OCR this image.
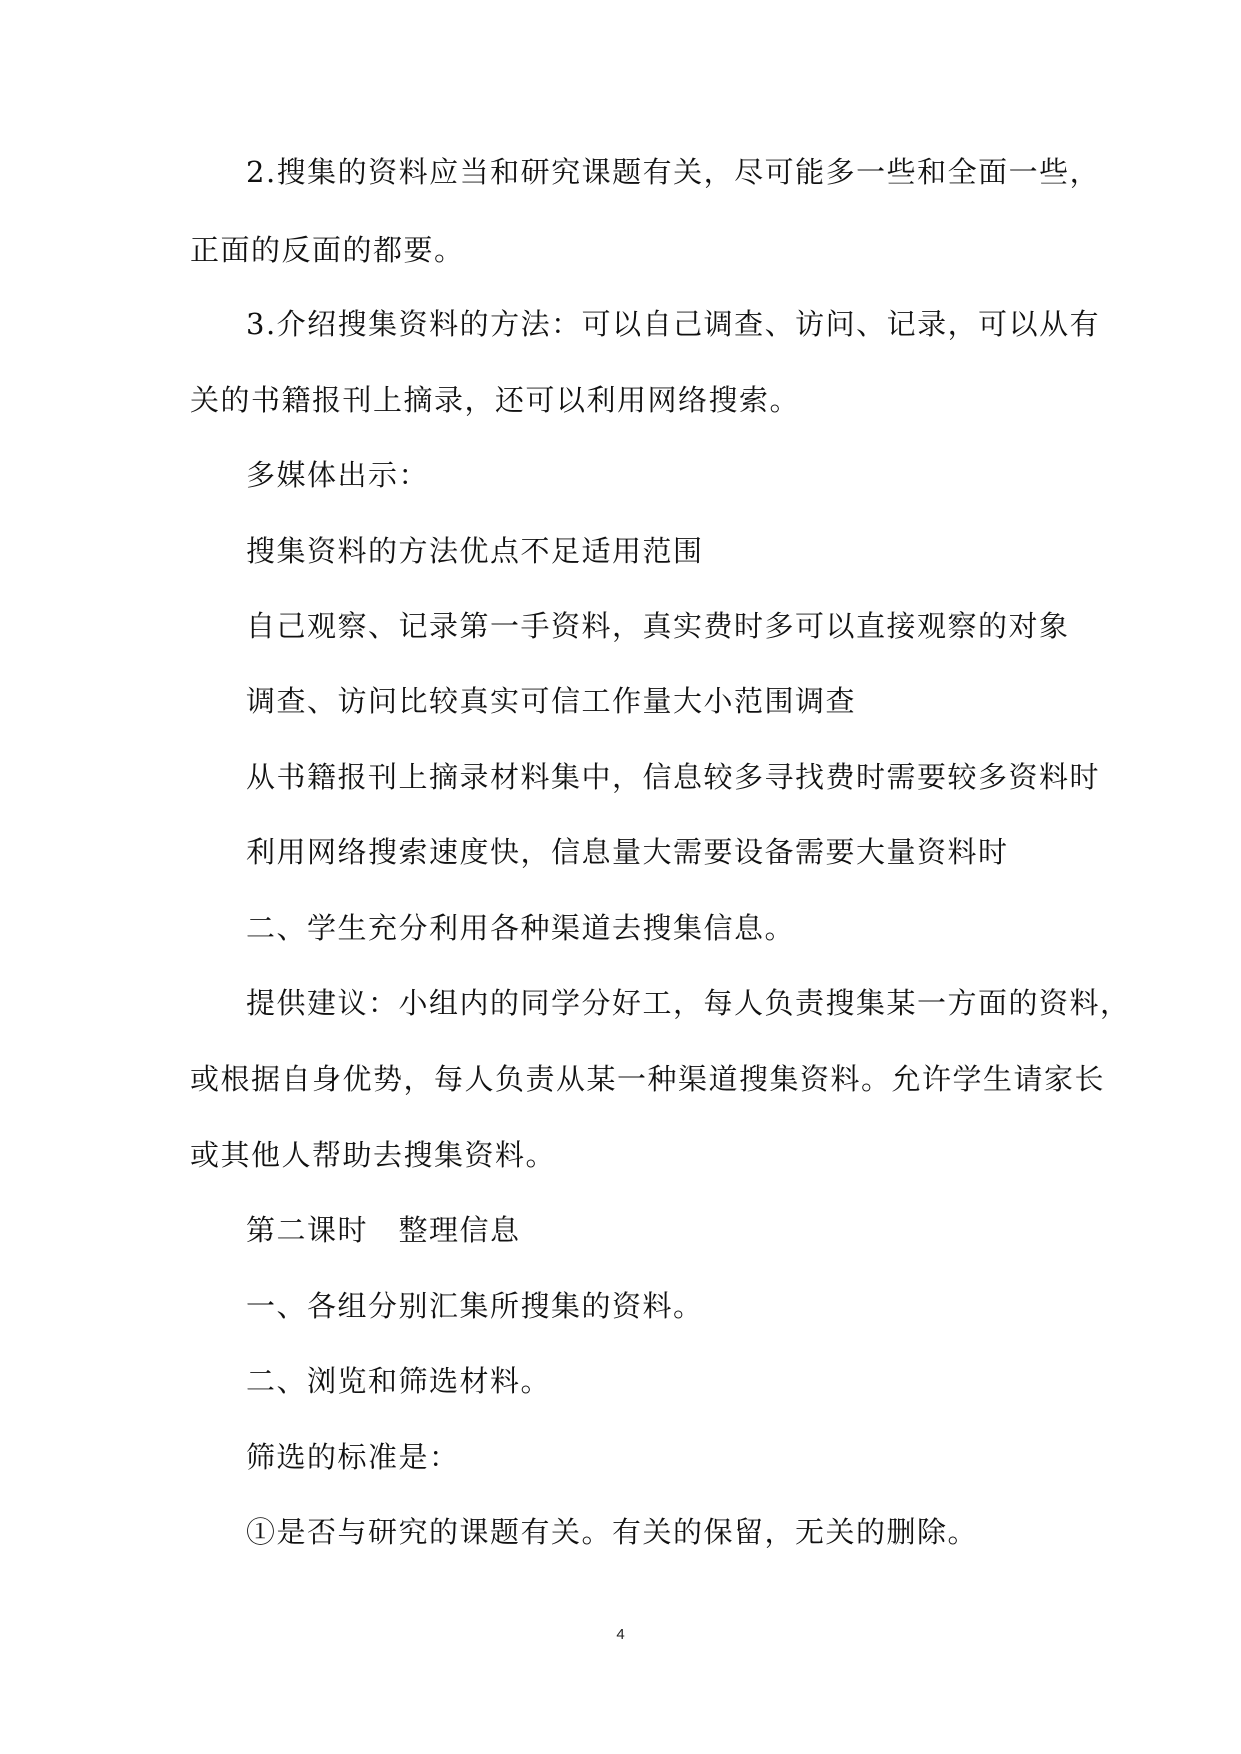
2.搜集的资料应当和研究课题有关，尽可能多一些和全面一些，
正面的反面的都要。
3.介绍搜集资料的方法：可以自己调查、访问、记录，可以从有
关的书籍报刊上摘录，还可以利用网络搜索。
多媒体出示：
搜集资料的方法优点不足适用范围
自己观察、记录第一手资料，真实费时多可以直接观察的对象
调查、访问比较真实可信工作量大小范围调查
从书籍报刊上摘录材料集中，信息较多寻找费时需要较多资料时
利用网络搜索速度快，信息量大需要设备需要大量资料时
二、学生充分利用各种渠道去搜集信息。
提供建议：小组内的同学分好工，每人负责搜集某一方面的资料，
或根据自身优势，每人负责从某一种渠道搜集资料。允许学生请家长
或其他人帮助去搜集资料。
第二课时　整理信息
一、各组分别汇集所搜集的资料。
二、浏览和筛选材料。
筛选的标准是：
①是否与研究的课题有关。有关的保留，无关的删除。
4
